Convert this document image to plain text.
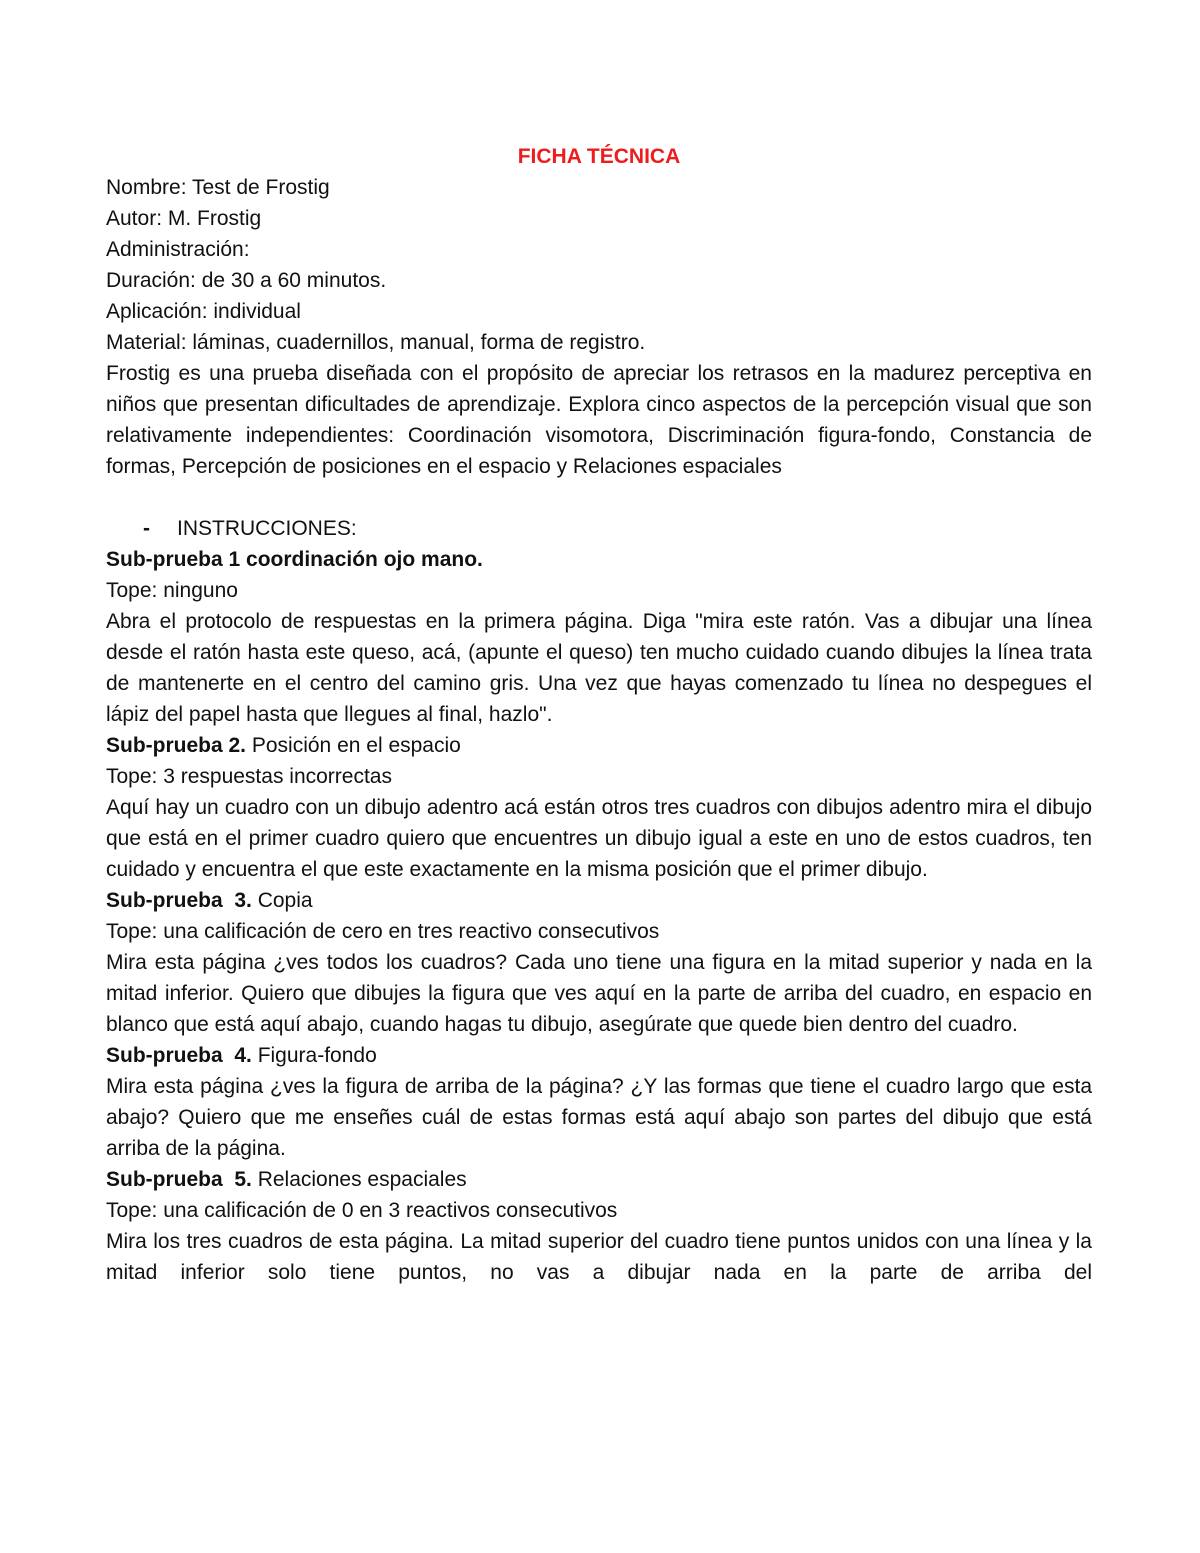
FICHA TÉCNICA

Nombre: Test de Frostig

Autor: M. Frostig

Administración:

Duración: de 30 a 60 minutos.

Aplicación: individual

Material: láminas, cuadernillos, manual, forma de registro.

Frostig es una prueba diseñada con el propósito de apreciar los retrasos en la madurez perceptiva en niños que presentan dificultades de aprendizaje. Explora cinco aspectos de la percepción visual que son relativamente independientes: Coordinación visomotora, Discriminación figura-fondo, Constancia de formas, Percepción de posiciones en el espacio y Relaciones espaciales

-	INSTRUCCIONES:

Sub-prueba 1 coordinación ojo mano.

Tope: ninguno

Abra el protocolo de respuestas en la primera página. Diga "mira este ratón. Vas a dibujar una línea desde el ratón hasta este queso, acá, (apunte el queso) ten mucho cuidado cuando dibujes la línea trata de mantenerte en el centro del camino gris. Una vez que hayas comenzado tu línea no despegues el lápiz del papel hasta que llegues al final, hazlo".

Sub-prueba 2. Posición en el espacio

Tope: 3 respuestas incorrectas

Aquí hay un cuadro con un dibujo adentro acá están otros tres cuadros con dibujos adentro mira el dibujo que está en el primer cuadro quiero que encuentres un dibujo igual a este en uno de estos cuadros, ten cuidado y encuentra el que este exactamente en la misma posición que el primer dibujo.

Sub-prueba  3. Copia

Tope: una calificación de cero en tres reactivo consecutivos

Mira esta página ¿ves todos los cuadros? Cada uno tiene una figura en la mitad superior y nada en la mitad inferior. Quiero que dibujes la figura que ves aquí en la parte de arriba del cuadro, en espacio en blanco que está aquí abajo, cuando hagas tu dibujo, asegúrate que quede bien dentro del cuadro.

Sub-prueba  4. Figura-fondo

Mira esta página ¿ves la figura de arriba de la página? ¿Y las formas que tiene el cuadro largo que esta abajo? Quiero que me enseñes cuál de estas formas está aquí abajo son partes del dibujo que está arriba de la página.

Sub-prueba  5. Relaciones espaciales

Tope: una calificación de 0 en 3 reactivos consecutivos

Mira los tres cuadros de esta página. La mitad superior del cuadro tiene puntos unidos con una línea y la mitad inferior solo tiene puntos, no vas a dibujar nada en la parte de arriba del
